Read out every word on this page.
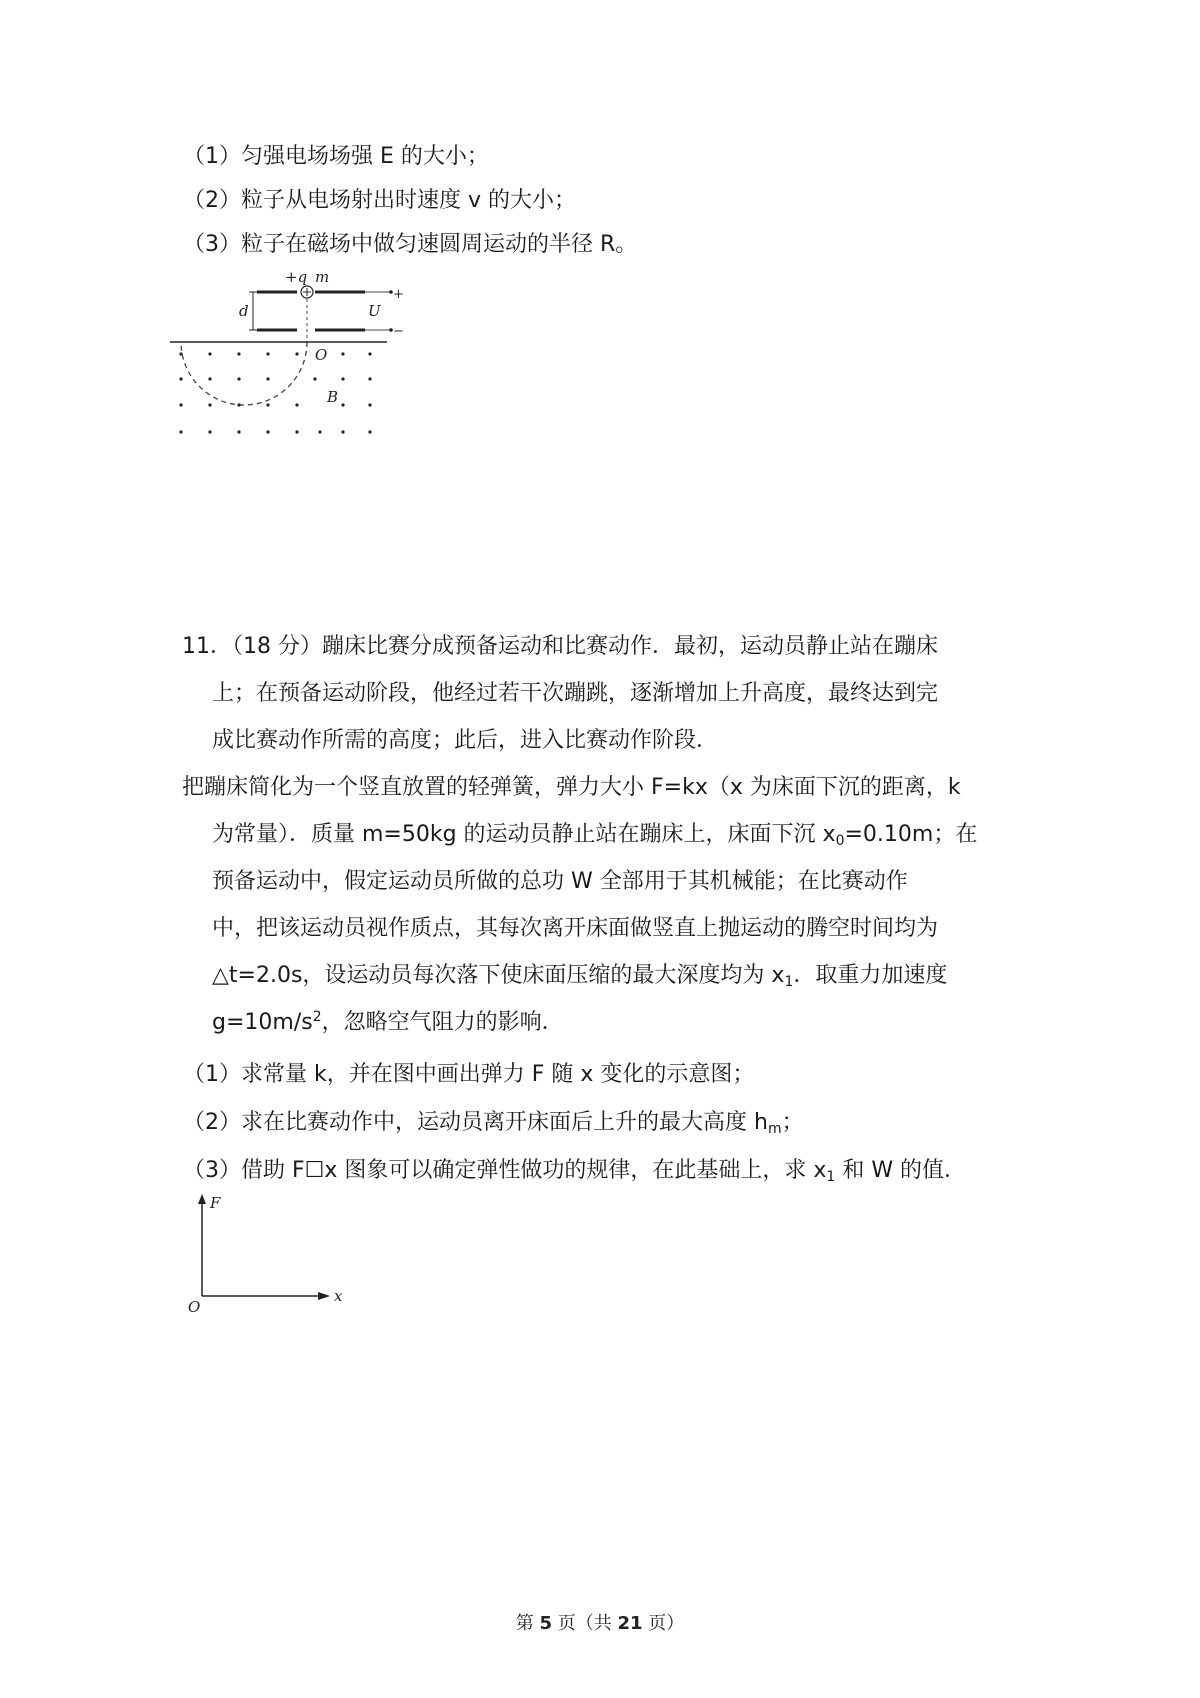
（1）匀强电场场强 E 的大小；
（2）粒子从电场射出时速度 v 的大小；
（3）粒子在磁场中做匀速圆周运动的半径 R。
+q m
d	U
+
−
O
B
11．（18 分）蹦床比赛分成预备运动和比赛动作．最初，运动员静止站在蹦床
上；在预备运动阶段，他经过若干次蹦跳，逐渐增加上升高度，最终达到完
成比赛动作所需的高度；此后，进入比赛动作阶段．
把蹦床简化为一个竖直放置的轻弹簧，弹力大小 F=kx（x 为床面下沉的距离，k
为常量）．质量 m=50kg 的运动员静止站在蹦床上，床面下沉 $x_0=0.10m$；在
预备运动中，假定运动员所做的总功 W 全部用于其机械能；在比赛动作
中，把该运动员视作质点，其每次离开床面做竖直上抛运动的腾空时间均为
△t=2.0s，设运动员每次落下使床面压缩的最大深度均为 $x_1$．取重力加速度
$g=10m/s^2$，忽略空气阻力的影响．
（1）求常量 k，并在图中画出弹力 F 随 x 变化的示意图；
（2）求在比赛动作中，运动员离开床面后上升的最大高度 $h_m$；
（3）借助 F☐x 图象可以确定弹性做功的规律，在此基础上，求 $x_1$ 和 W 的值．
F
x
O
第 5 页（共 21 页）
